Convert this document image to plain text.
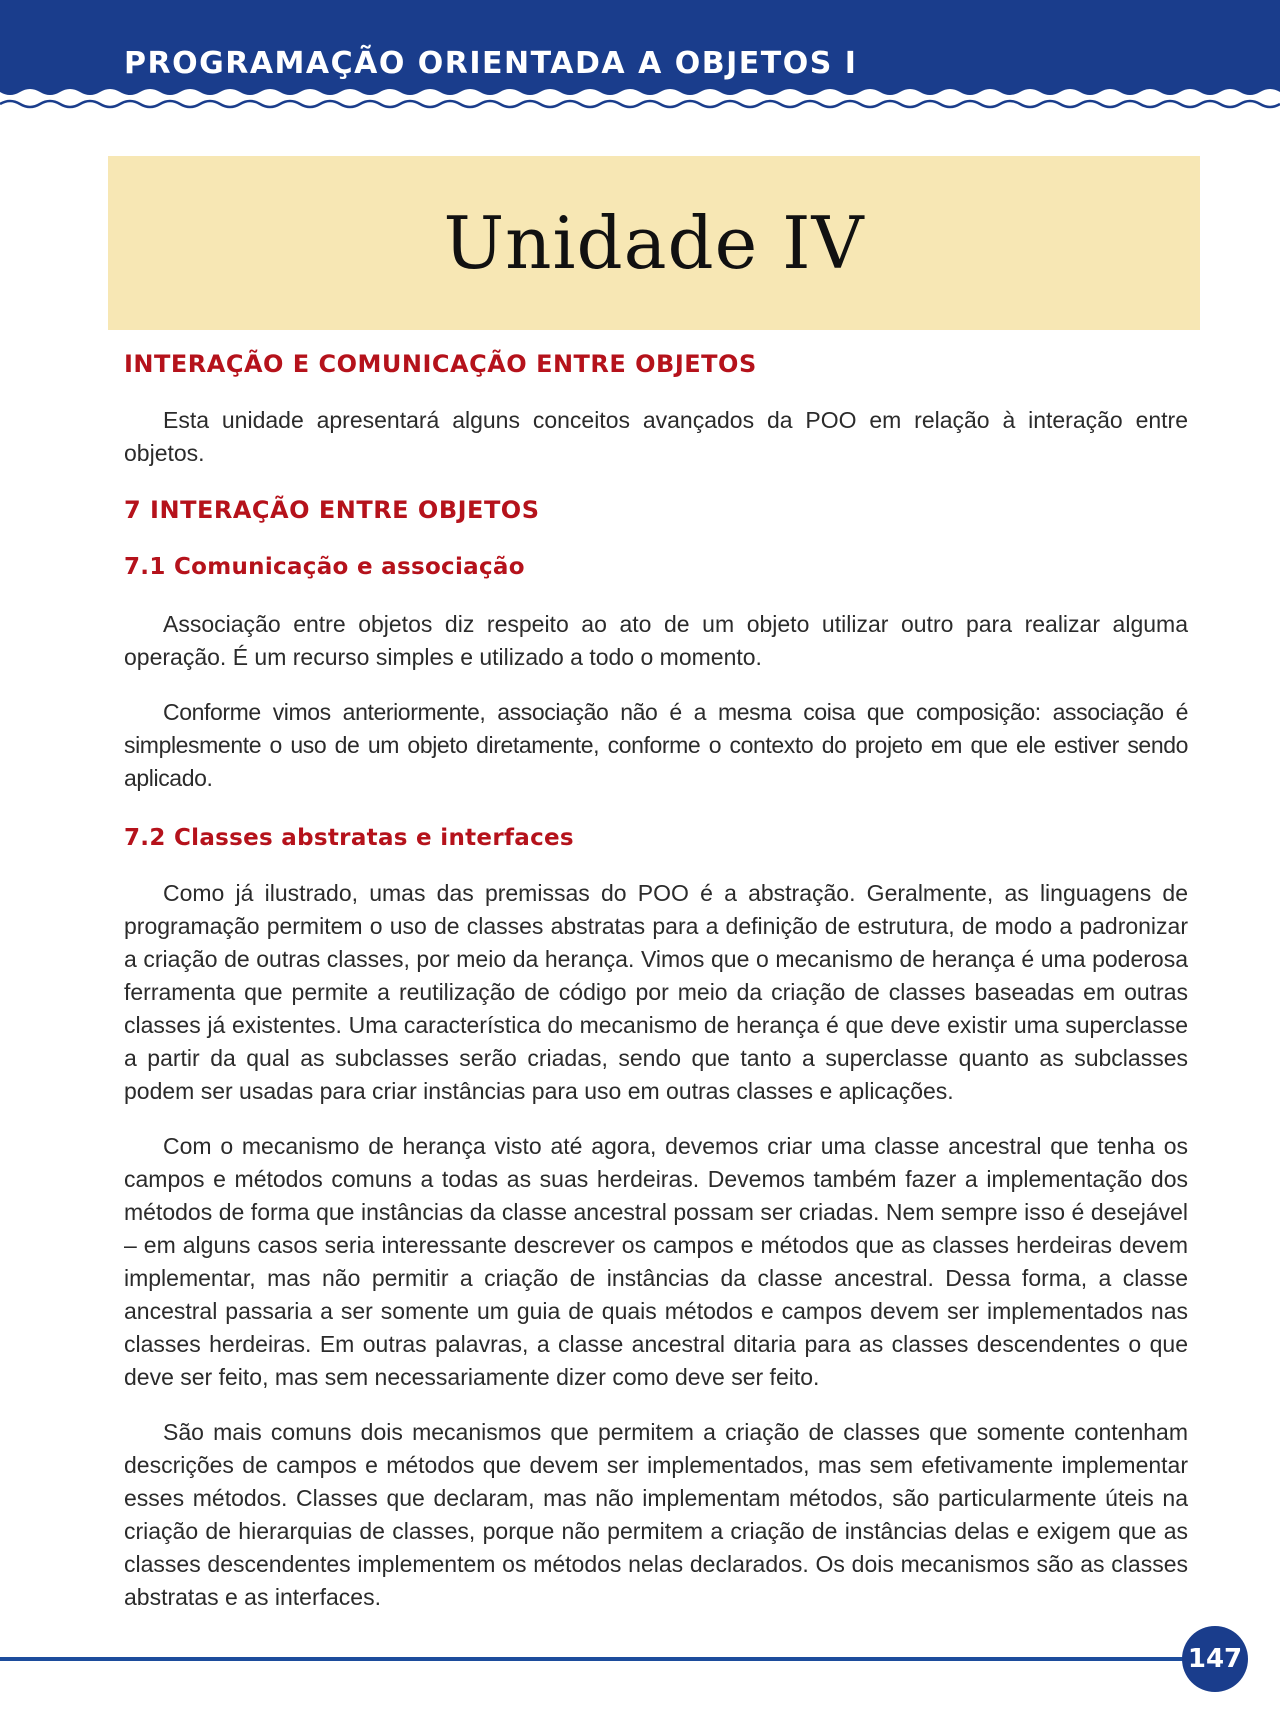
PROGRAMAÇÃO ORIENTADA A OBJETOS I
Unidade IV
INTERAÇÃO E COMUNICAÇÃO ENTRE OBJETOS

Esta unidade apresentará alguns conceitos avançados da POO em relação à interação entre objetos.

7 INTERAÇÃO ENTRE OBJETOS
7.1 Comunicação e associação

Associação entre objetos diz respeito ao ato de um objeto utilizar outro para realizar alguma operação. É um recurso simples e utilizado a todo o momento.

Conforme vimos anteriormente, associação não é a mesma coisa que composição: associação é simplesmente o uso de um objeto diretamente, conforme o contexto do projeto em que ele estiver sendo aplicado.

7.2 Classes abstratas e interfaces

Como já ilustrado, umas das premissas do POO é a abstração. Geralmente, as linguagens de programação permitem o uso de classes abstratas para a definição de estrutura, de modo a padronizar a criação de outras classes, por meio da herança. Vimos que o mecanismo de herança é uma poderosa ferramenta que permite a reutilização de código por meio da criação de classes baseadas em outras classes já existentes. Uma característica do mecanismo de herança é que deve existir uma superclasse a partir da qual as subclasses serão criadas, sendo que tanto a superclasse quanto as subclasses podem ser usadas para criar instâncias para uso em outras classes e aplicações.

Com o mecanismo de herança visto até agora, devemos criar uma classe ancestral que tenha os campos e métodos comuns a todas as suas herdeiras. Devemos também fazer a implementação dos métodos de forma que instâncias da classe ancestral possam ser criadas. Nem sempre isso é desejável – em alguns casos seria interessante descrever os campos e métodos que as classes herdeiras devem implementar, mas não permitir a criação de instâncias da classe ancestral. Dessa forma, a classe ancestral passaria a ser somente um guia de quais métodos e campos devem ser implementados nas classes herdeiras. Em outras palavras, a classe ancestral ditaria para as classes descendentes o que deve ser feito, mas sem necessariamente dizer como deve ser feito.

São mais comuns dois mecanismos que permitem a criação de classes que somente contenham descrições de campos e métodos que devem ser implementados, mas sem efetivamente implementar esses métodos. Classes que declaram, mas não implementam métodos, são particularmente úteis na criação de hierarquias de classes, porque não permitem a criação de instâncias delas e exigem que as classes descendentes implementem os métodos nelas declarados. Os dois mecanismos são as classes abstratas e as interfaces.

147
